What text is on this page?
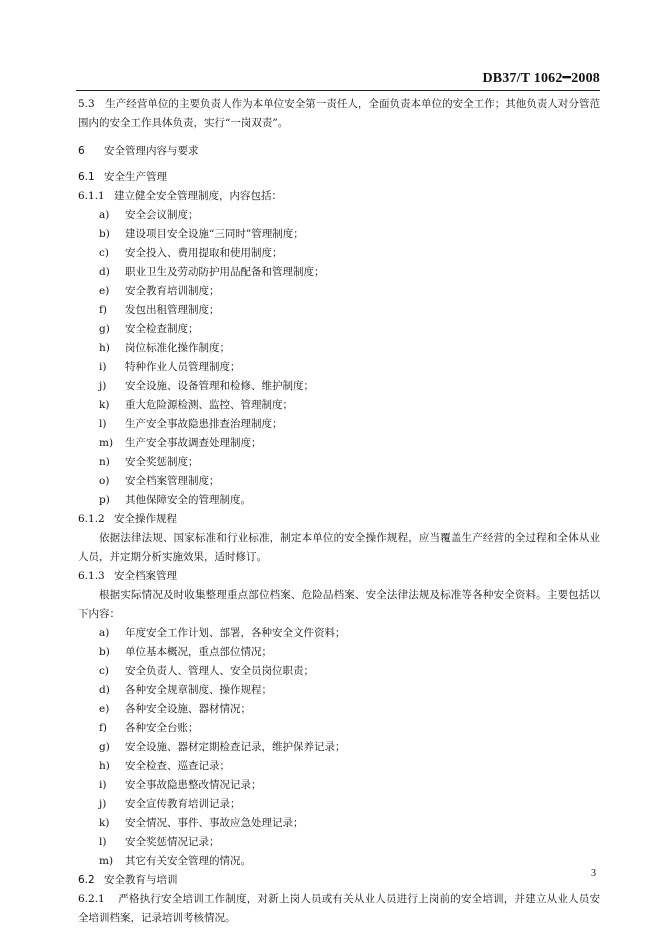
DB37/T 1062━2008
5.3　生产经营单位的主要负责人作为本单位安全第一责任人，全面负责本单位的安全工作；其他负责人对分管范围内的安全工作具体负责，实行“一岗双责”。
6 安全管理内容与要求
6.1 安全生产管理
6.1.1 建立健全安全管理制度，内容包括：
a) 安全会议制度；
b) 建设项目安全设施“三同时”管理制度；
c) 安全投入、费用提取和使用制度；
d) 职业卫生及劳动防护用品配备和管理制度；
e) 安全教育培训制度；
f) 发包出租管理制度；
g) 安全检查制度；
h) 岗位标准化操作制度；
i) 特种作业人员管理制度；
j) 安全设施、设备管理和检修、维护制度；
k) 重大危险源检测、监控、管理制度；
l) 生产安全事故隐患排查治理制度；
m) 生产安全事故调查处理制度；
n) 安全奖惩制度；
o) 安全档案管理制度；
p) 其他保障安全的管理制度。
6.1.2 安全操作规程
依据法律法规、国家标准和行业标准，制定本单位的安全操作规程，应当覆盖生产经营的全过程和全体从业人员，并定期分析实施效果，适时修订。
6.1.3 安全档案管理
根据实际情况及时收集整理重点部位档案、危险品档案、安全法律法规及标准等各种安全资料。主要包括以下内容：
a) 年度安全工作计划、部署，各种安全文件资料；
b) 单位基本概况，重点部位情况；
c) 安全负责人、管理人、安全员岗位职责；
d) 各种安全规章制度、操作规程；
e) 各种安全设施、器材情况；
f) 各种安全台账；
g) 安全设施、器材定期检查记录，维护保养记录；
h) 安全检查、巡查记录；
i) 安全事故隐患整改情况记录；
j) 安全宣传教育培训记录；
k) 安全情况、事件、事故应急处理记录；
l) 安全奖惩情况记录；
m) 其它有关安全管理的情况。
6.2 安全教育与培训
6.2.1 严格执行安全培训工作制度，对新上岗人员或有关从业人员进行上岗前的安全培训，并建立从业人员安全培训档案，记录培训考核情况。
3
